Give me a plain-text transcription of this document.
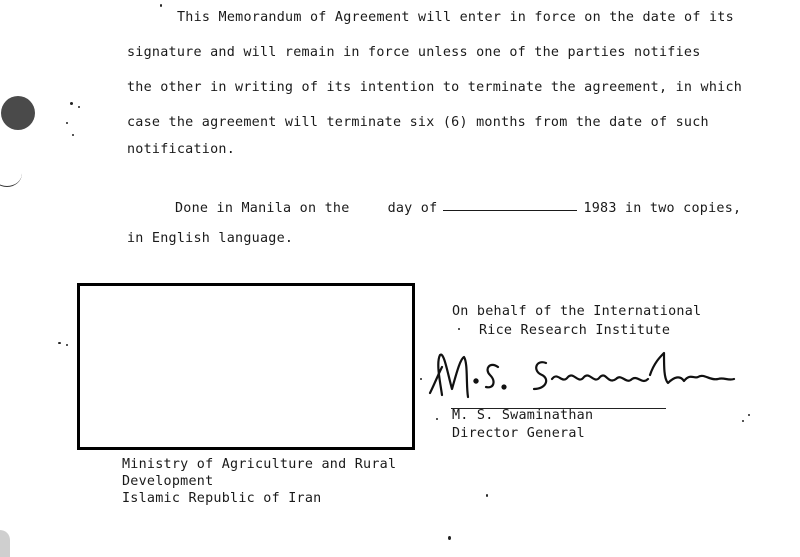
This Memorandum of Agreement will enter in force on the date of its
signature and will remain in force unless one of the parties notifies
the other in writing of its intention to terminate the agreement, in which
case the agreement will terminate six (6) months from the date of such
notification.
Done in Manila on the	day of	1983 in two copies,
in English language.
On behalf of the International
Rice Research Institute
M. S. Swaminathan
Director General
Ministry of Agriculture and Rural
Development
Islamic Republic of Iran
